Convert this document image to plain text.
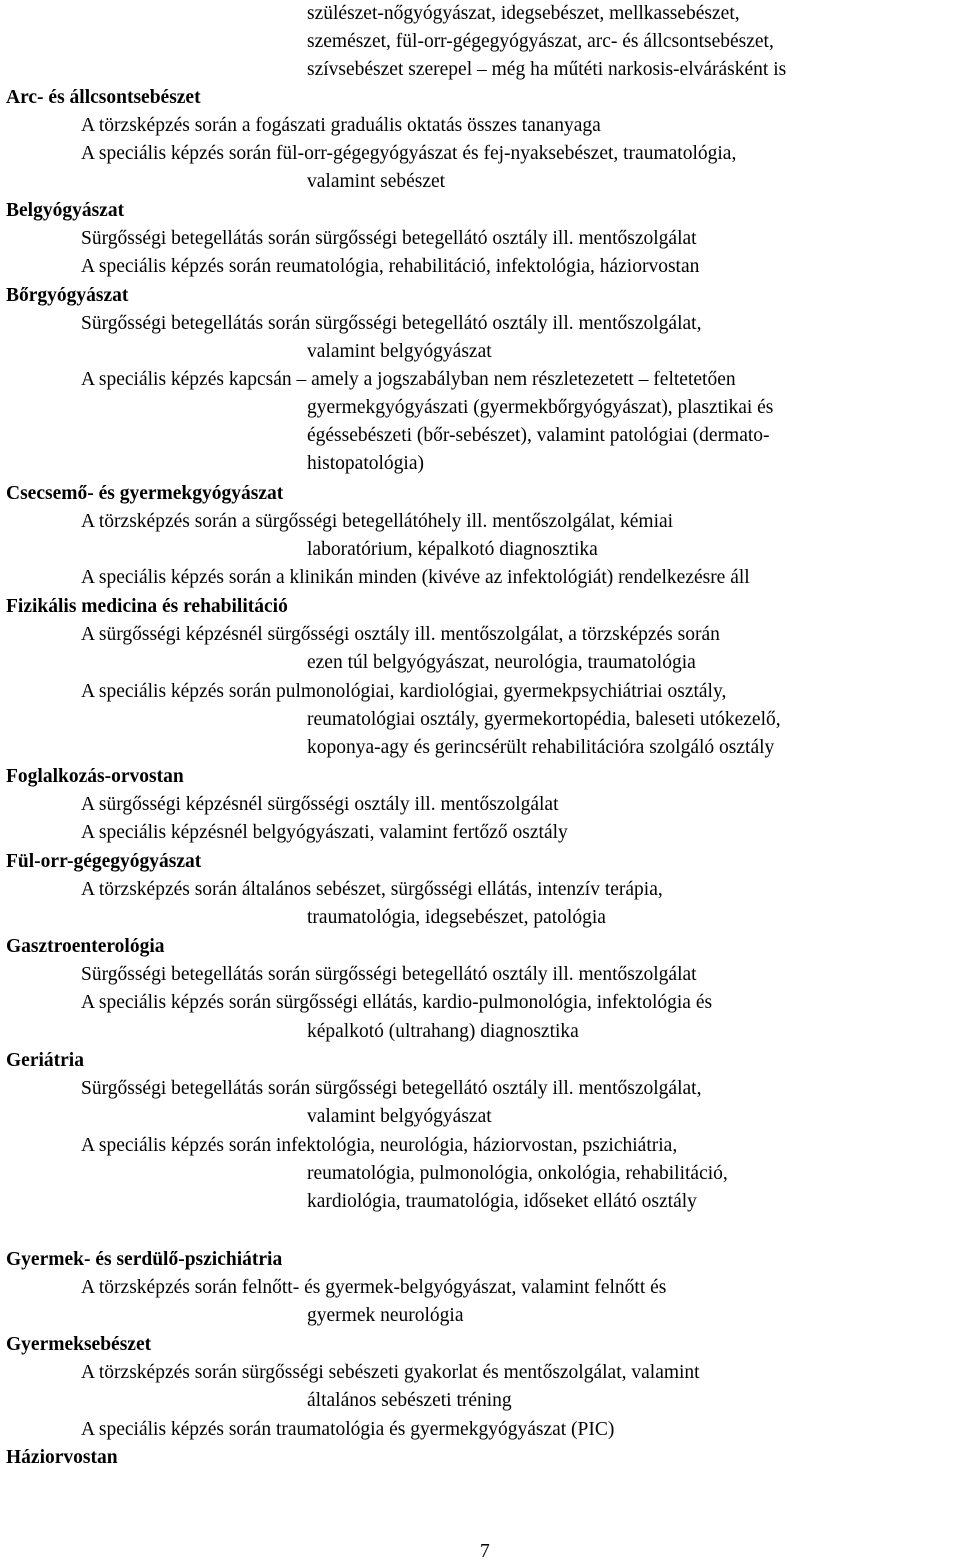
szülészet-nőgyógyászat, idegsebészet, mellkassebészet,
szemészet, fül-orr-gégegyógyászat, arc- és állcsontsebészet,
szívsebészet szerepel – még ha műtéti narkosis-elvárásként is
Arc- és állcsontsebészet
A törzsképzés során a fogászati graduális oktatás összes tananyaga
A speciális képzés során fül-orr-gégegyógyászat és fej-nyaksebészet, traumatológia,
valamint sebészet
Belgyógyászat
Sürgősségi betegellátás során sürgősségi betegellátó osztály ill. mentőszolgálat
A speciális képzés során reumatológia, rehabilitáció, infektológia, háziorvostan
Bőrgyógyászat
Sürgősségi betegellátás során sürgősségi betegellátó osztály ill. mentőszolgálat,
valamint belgyógyászat
A speciális képzés kapcsán – amely a jogszabályban nem részletezetett – feltetetően
gyermekgyógyászati (gyermekbőrgyógyászat), plasztikai és
égéssebészeti (bőr-sebészet), valamint patológiai (dermato-
histopatológia)
Csecsemő- és gyermekgyógyászat
A törzsképzés során a sürgősségi betegellátóhely ill. mentőszolgálat, kémiai
laboratórium, képalkotó diagnosztika
A speciális képzés során a klinikán minden (kivéve az infektológiát) rendelkezésre áll
Fizikális medicina és rehabilitáció
A sürgősségi képzésnél sürgősségi osztály ill. mentőszolgálat, a törzsképzés során
ezen túl belgyógyászat, neurológia, traumatológia
A speciális képzés során pulmonológiai, kardiológiai, gyermekpsychiátriai osztály,
reumatológiai osztály, gyermekortopédia, baleseti utókezelő,
koponya-agy és gerincsérült rehabilitációra szolgáló osztály
Foglalkozás-orvostan
A sürgősségi képzésnél sürgősségi osztály ill. mentőszolgálat
A speciális képzésnél belgyógyászati, valamint fertőző osztály
Fül-orr-gégegyógyászat
A törzsképzés során általános sebészet, sürgősségi ellátás, intenzív terápia,
traumatológia, idegsebészet, patológia
Gasztroenterológia
Sürgősségi betegellátás során sürgősségi betegellátó osztály ill. mentőszolgálat
A speciális képzés során sürgősségi ellátás, kardio-pulmonológia, infektológia és
képalkotó (ultrahang) diagnosztika
Geriátria
Sürgősségi betegellátás során sürgősségi betegellátó osztály ill. mentőszolgálat,
valamint belgyógyászat
A speciális képzés során infektológia, neurológia, háziorvostan, pszichiátria,
reumatológia, pulmonológia, onkológia, rehabilitáció,
kardiológia, traumatológia, időseket ellátó osztály
Gyermek- és serdülő-pszichiátria
A törzsképzés során felnőtt- és gyermek-belgyógyászat, valamint felnőtt és
gyermek neurológia
Gyermeksebészet
A törzsképzés során sürgősségi sebészeti gyakorlat és mentőszolgálat, valamint
általános sebészeti tréning
A speciális képzés során traumatológia és gyermekgyógyászat (PIC)
Háziorvostan
7
